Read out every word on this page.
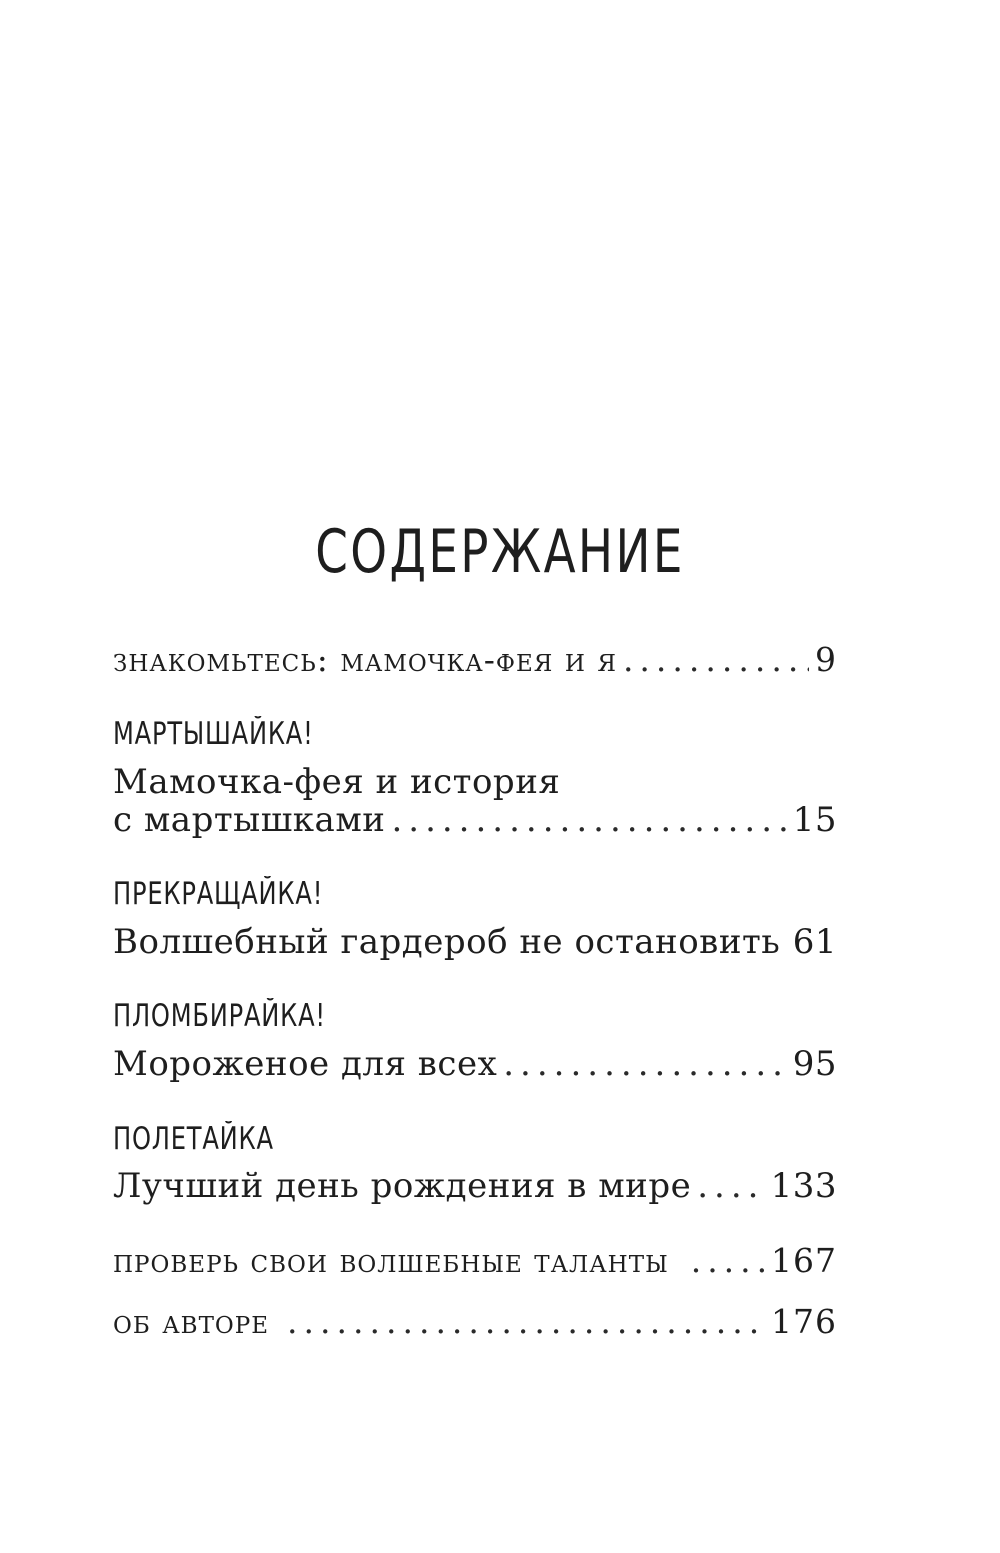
СОДЕРЖАНИЕ
знакомьтесь: мамочка-фея и я .....	9
МАРТЫШАЙКА!
Мамочка-фея и история
с мартышками .....	15
ПРЕКРАЩАЙКА!
Волшебный гардероб не остановить ..... 61
ПЛОМБИРАЙКА!
Мороженое для всех .....	95
ПОЛЕТАЙКА
Лучший день рождения в мире ..... 133
проверь свои волшебные таланты .....	167
об авторе .....	176
